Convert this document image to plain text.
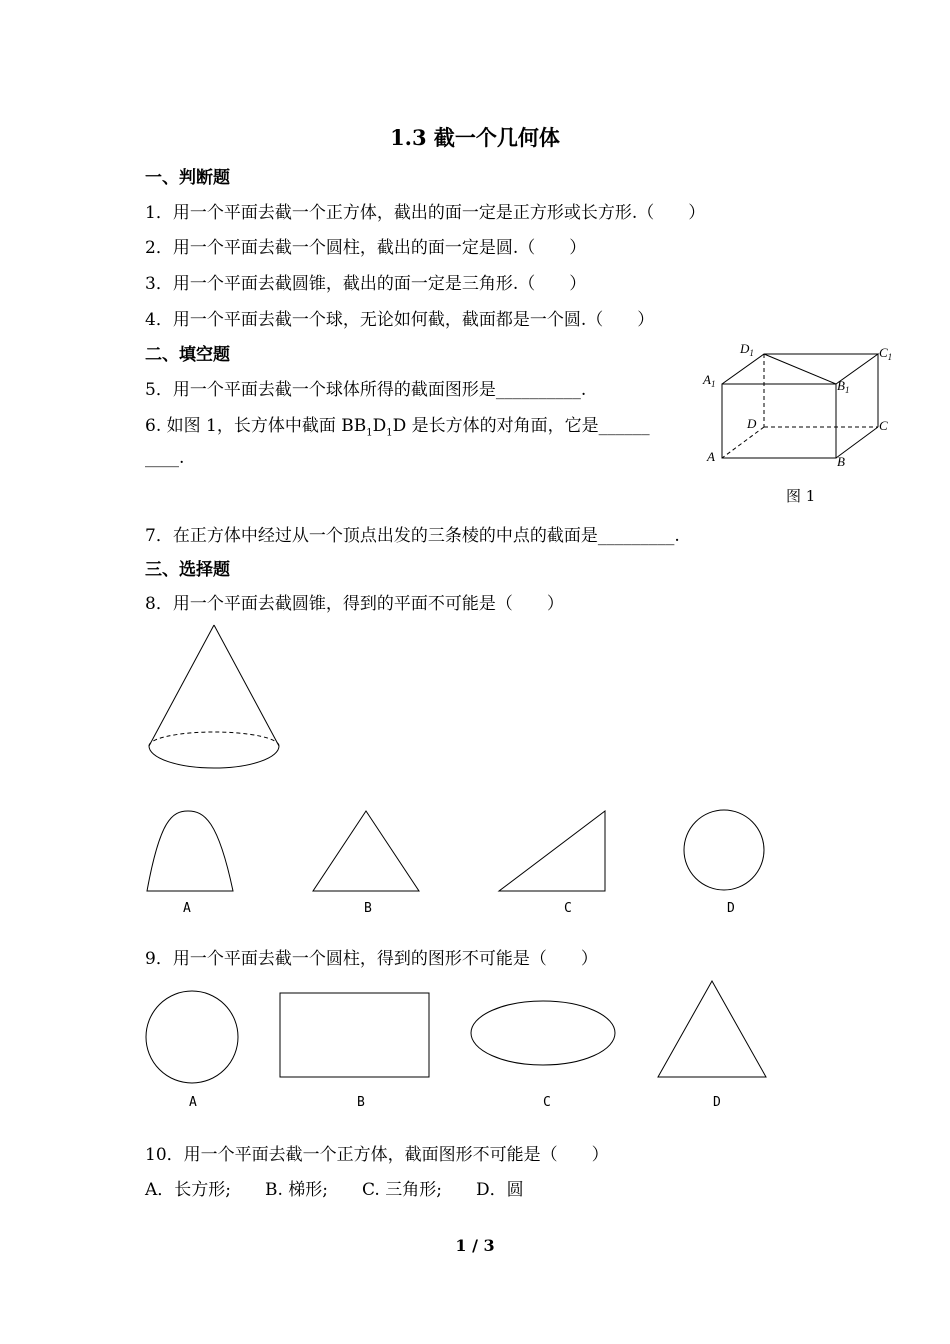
1.3 截一个几何体
一、判断题
1．用一个平面去截一个正方体，截出的面一定是正方形或长方形.（　　）
2．用一个平面去截一个圆柱，截出的面一定是圆.（　　）
3．用一个平面去截圆锥，截出的面一定是三角形.（　　）
4．用一个平面去截一个球，无论如何截，截面都是一个圆.（　　）
二、填空题
5．用一个平面去截一个球体所得的截面图形是__________.
6. 如图 1，长方体中截面 $BB_1D_1D$ 是长方体的对角面，它是______
____.
$D_1$	$C_1$
$A_1$	$B_1$
D	C
A	B
图 1
7．在正方体中经过从一个顶点出发的三条棱的中点的截面是_________.
三、选择题
8．用一个平面去截圆锥，得到的平面不可能是（　　）
A	B	C	D
9．用一个平面去截一个圆柱，得到的图形不可能是（　　）
A	B	C	D
10．用一个平面去截一个正方体，截面图形不可能是（　　）
A．长方形;　　B. 梯形;　　C. 三角形;　　D．圆
1 / 3
